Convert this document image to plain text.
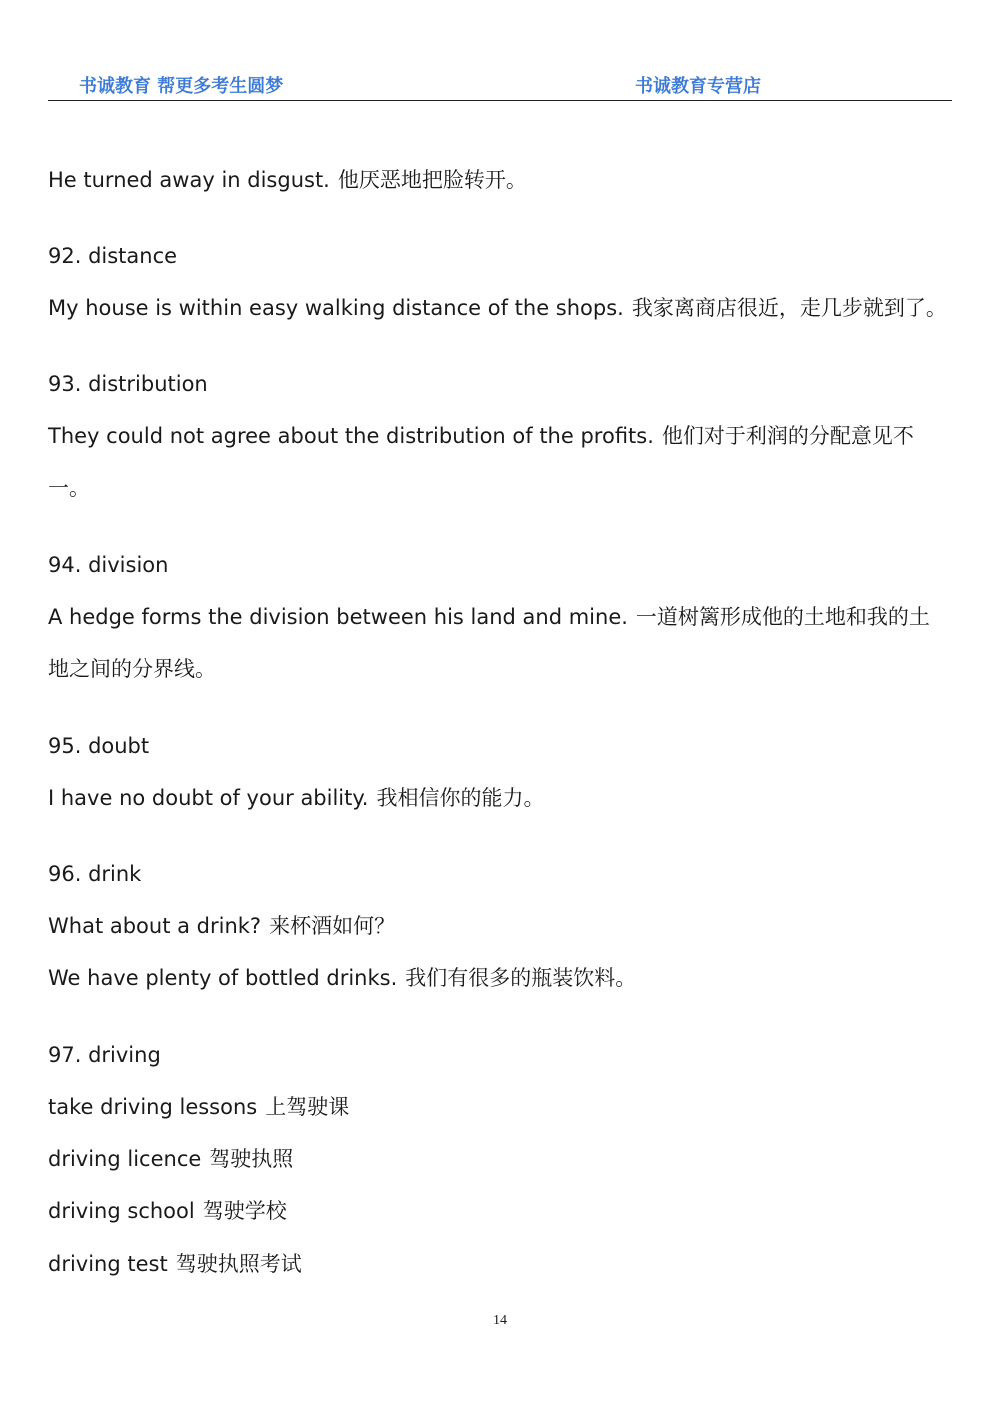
书诚教育 帮更多考生圆梦	书诚教育专营店
He turned away in disgust. 他厌恶地把脸转开。
92. distance
My house is within easy walking distance of the shops. 我家离商店很近，走几步就到了。
93. distribution
They could not agree about the distribution of the profits. 他们对于利润的分配意见不
一。
94. division
A hedge forms the division between his land and mine. 一道树篱形成他的土地和我的土
地之间的分界线。
95. doubt
I have no doubt of your ability. 我相信你的能力。
96. drink
What about a drink? 来杯酒如何？
We have plenty of bottled drinks. 我们有很多的瓶装饮料。
97. driving
take driving lessons 上驾驶课
driving licence 驾驶执照
driving school 驾驶学校
driving test 驾驶执照考试
14
